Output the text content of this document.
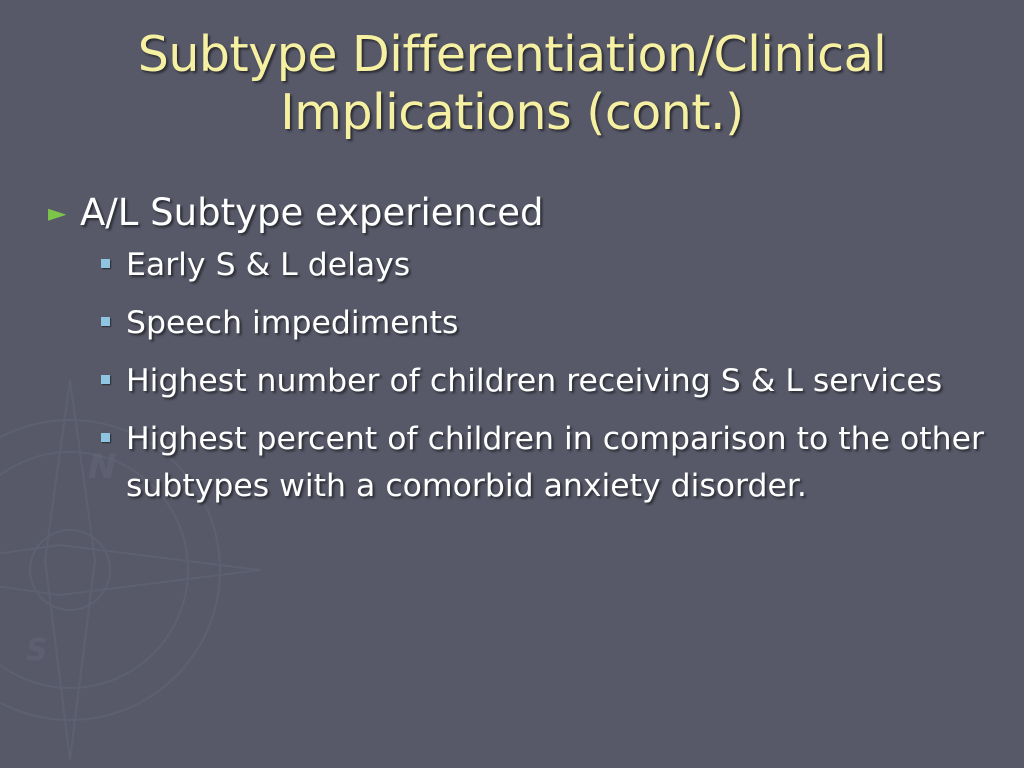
N
S
Subtype Differentiation/Clinical
Implications (cont.)
► A/L Subtype experienced
Early S & L delays
Speech impediments
Highest number of children receiving S & L services
Highest percent of children in comparison to the other subtypes with a comorbid anxiety disorder.
